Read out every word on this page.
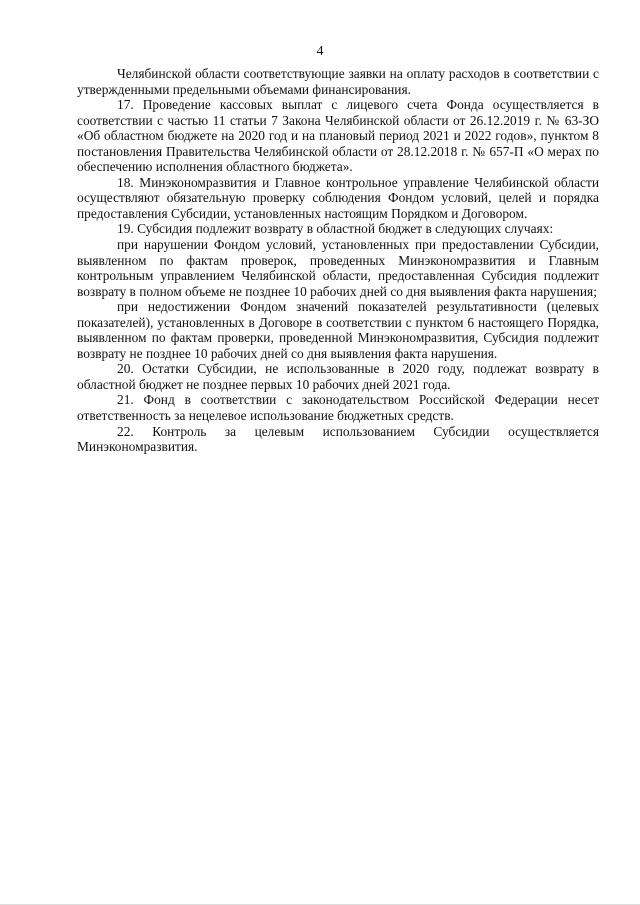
4

Челябинской области соответствующие заявки на оплату расходов в соответствии с утвержденными предельными объемами финансирования.

17. Проведение кассовых выплат с лицевого счета Фонда осуществляется в соответствии с частью 11 статьи 7 Закона Челябинской области от 26.12.2019 г. № 63-ЗО «Об областном бюджете на 2020 год и на плановый период 2021 и 2022 годов», пунктом 8 постановления Правительства Челябинской области от 28.12.2018 г. № 657-П «О мерах по обеспечению исполнения областного бюджета».

18. Минэкономразвития и Главное контрольное управление Челябинской области осуществляют обязательную проверку соблюдения Фондом условий, целей и порядка предоставления Субсидии, установленных настоящим Порядком и Договором.

19. Субсидия подлежит возврату в областной бюджет в следующих случаях:

при нарушении Фондом условий, установленных при предоставлении Субсидии, выявленном по фактам проверок, проведенных Минэкономразвития и Главным контрольным управлением Челябинской области, предоставленная Субсидия подлежит возврату в полном объеме не позднее 10 рабочих дней со дня выявления факта нарушения;

при недостижении Фондом значений показателей результативности (целевых показателей), установленных в Договоре в соответствии с пунктом 6 настоящего Порядка, выявленном по фактам проверки, проведенной Минэкономразвития, Субсидия подлежит возврату не позднее 10 рабочих дней со дня выявления факта нарушения.

20. Остатки Субсидии, не использованные в 2020 году, подлежат возврату в областной бюджет не позднее первых 10 рабочих дней 2021 года.

21. Фонд в соответствии с законодательством Российской Федерации несет ответственность за нецелевое использование бюджетных средств.

22. Контроль за целевым использованием Субсидии осуществляется Минэкономразвития.
